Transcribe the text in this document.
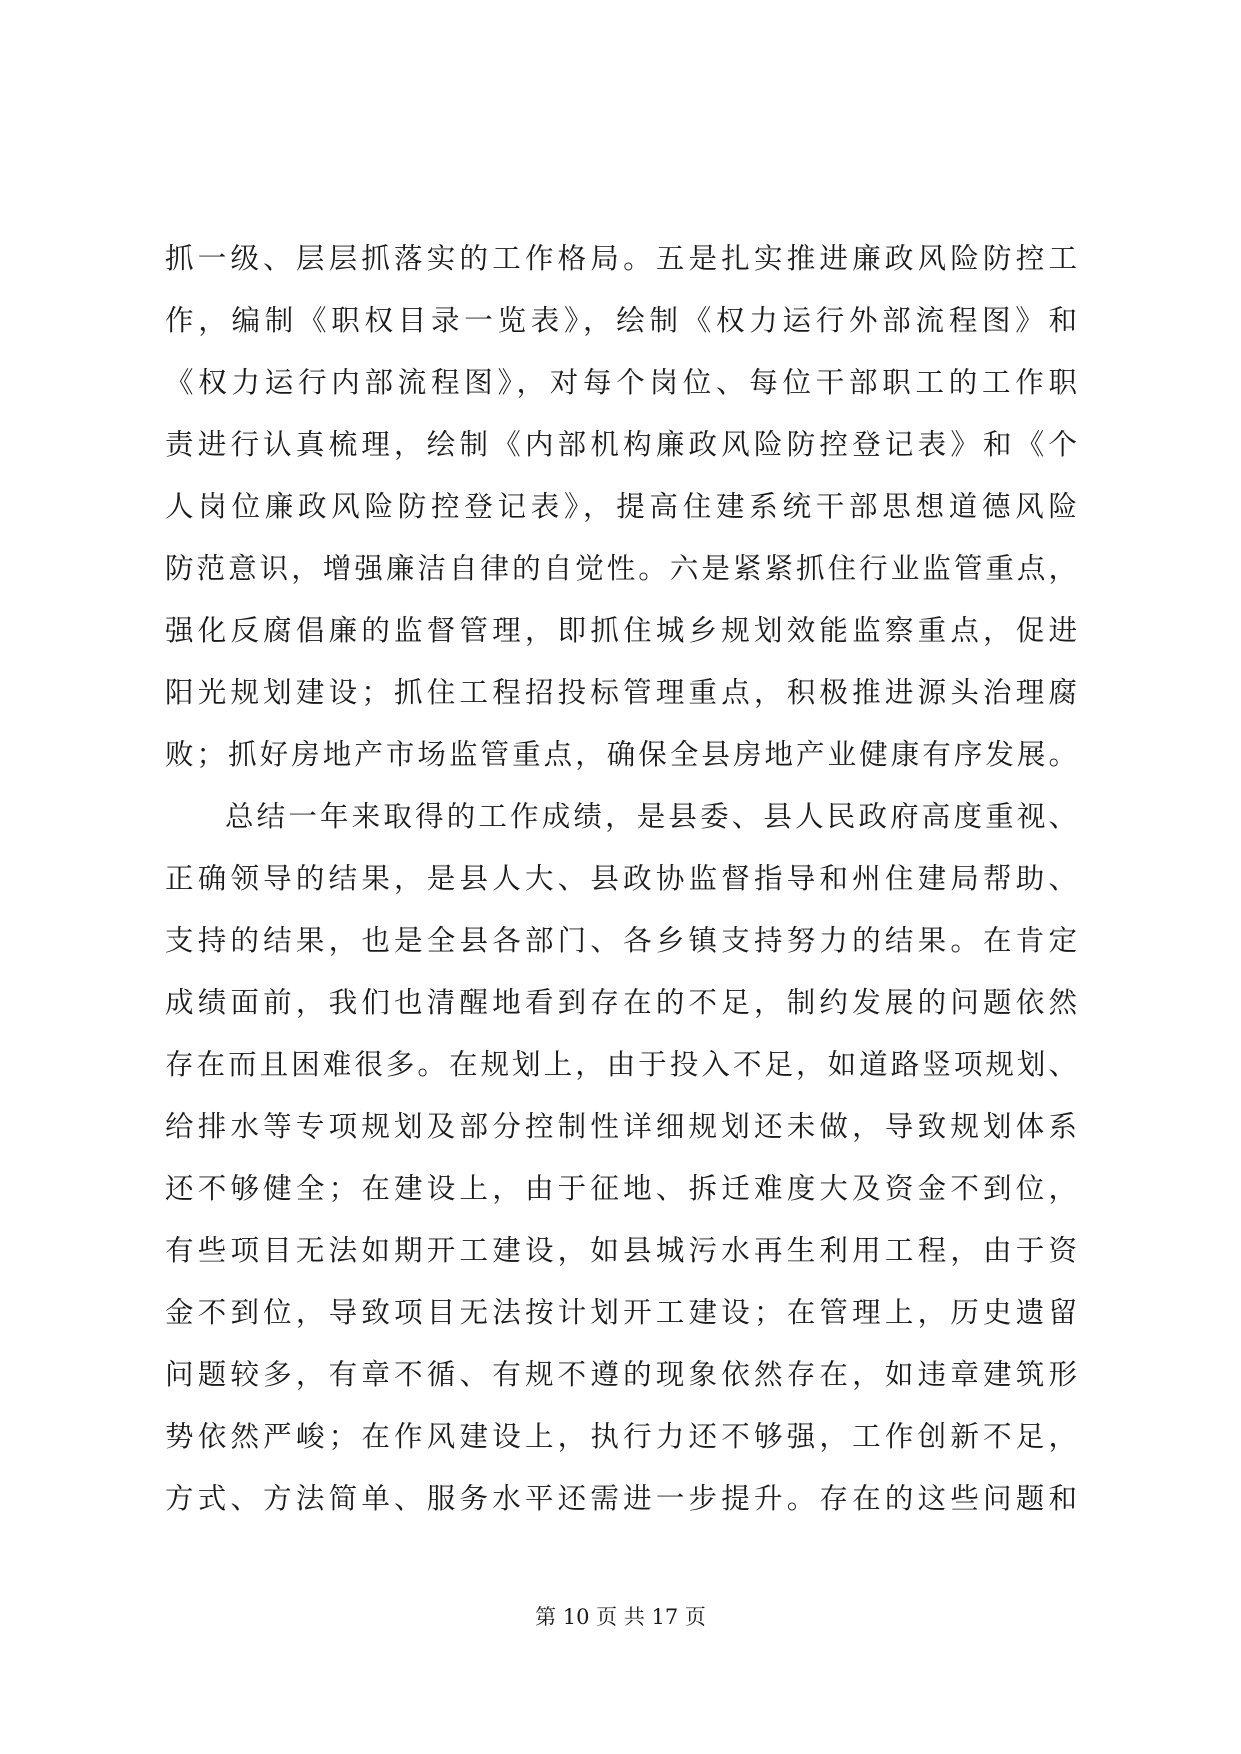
抓一级、层层抓落实的工作格局。五是扎实推进廉政风险防控工
作，编制《职权目录一览表》，绘制《权力运行外部流程图》和
《权力运行内部流程图》，对每个岗位、每位干部职工的工作职
责进行认真梳理，绘制《内部机构廉政风险防控登记表》和《个
人岗位廉政风险防控登记表》，提高住建系统干部思想道德风险
防范意识，增强廉洁自律的自觉性。六是紧紧抓住行业监管重点，
强化反腐倡廉的监督管理，即抓住城乡规划效能监察重点，促进
阳光规划建设；抓住工程招投标管理重点，积极推进源头治理腐
败；抓好房地产市场监管重点，确保全县房地产业健康有序发展。
总结一年来取得的工作成绩，是县委、县人民政府高度重视、
正确领导的结果，是县人大、县政协监督指导和州住建局帮助、
支持的结果，也是全县各部门、各乡镇支持努力的结果。在肯定
成绩面前，我们也清醒地看到存在的不足，制约发展的问题依然
存在而且困难很多。在规划上，由于投入不足，如道路竖项规划、
给排水等专项规划及部分控制性详细规划还未做，导致规划体系
还不够健全；在建设上，由于征地、拆迁难度大及资金不到位，
有些项目无法如期开工建设，如县城污水再生利用工程，由于资
金不到位，导致项目无法按计划开工建设；在管理上，历史遗留
问题较多，有章不循、有规不遵的现象依然存在，如违章建筑形
势依然严峻；在作风建设上，执行力还不够强，工作创新不足，
方式、方法简单、服务水平还需进一步提升。存在的这些问题和
第 10 页 共 17 页
